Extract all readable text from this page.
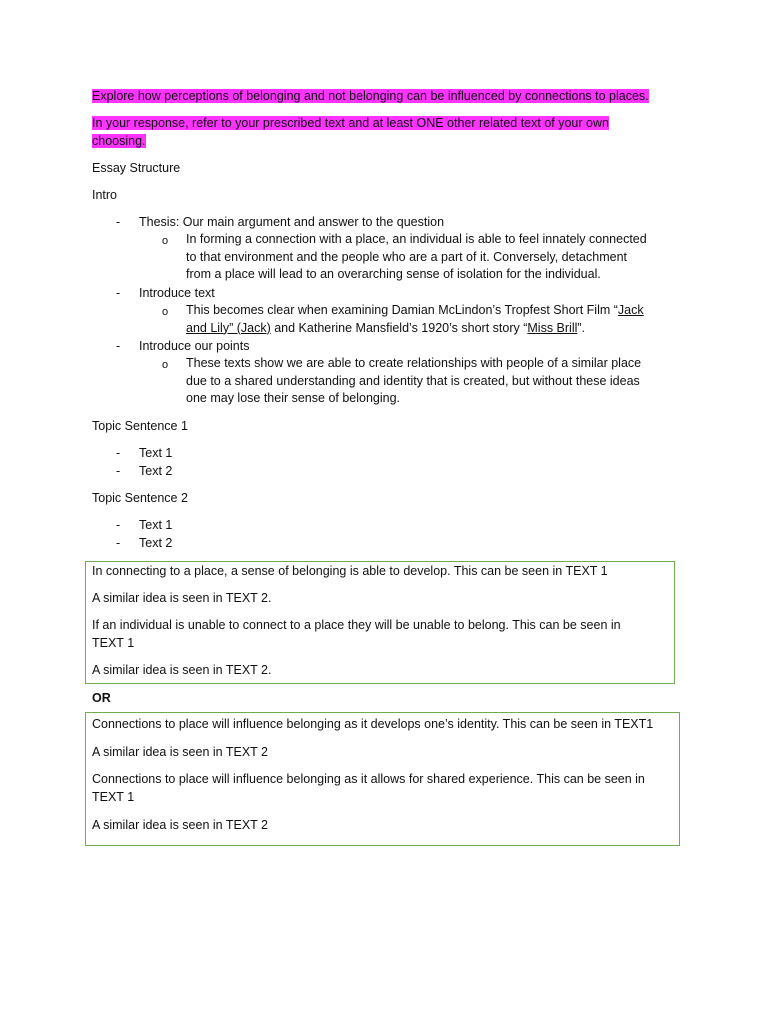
Explore how perceptions of belonging and not belonging can be influenced by connections to places.
In your response, refer to your prescribed text and at least ONE other related text of your own
choosing.
Essay Structure
Intro
- Thesis: Our main argument and answer to the question
o In forming a connection with a place, an individual is able to feel innately connected
to that environment and the people who are a part of it. Conversely, detachment
from a place will lead to an overarching sense of isolation for the individual.
- Introduce text
o This becomes clear when examining Damian McLindon’s Tropfest Short Film “Jack
and Lily” (Jack) and Katherine Mansfield’s 1920’s short story “Miss Brill”.
- Introduce our points
o These texts show we are able to create relationships with people of a similar place
due to a shared understanding and identity that is created, but without these ideas
one may lose their sense of belonging.
Topic Sentence 1
- Text 1
- Text 2
Topic Sentence 2
- Text 1
- Text 2
In connecting to a place, a sense of belonging is able to develop. This can be seen in TEXT 1
A similar idea is seen in TEXT 2.
If an individual is unable to connect to a place they will be unable to belong. This can be seen in
TEXT 1
A similar idea is seen in TEXT 2.
OR
Connections to place will influence belonging as it develops one’s identity. This can be seen in TEXT1
A similar idea is seen in TEXT 2
Connections to place will influence belonging as it allows for shared experience. This can be seen in
TEXT 1
A similar idea is seen in TEXT 2
